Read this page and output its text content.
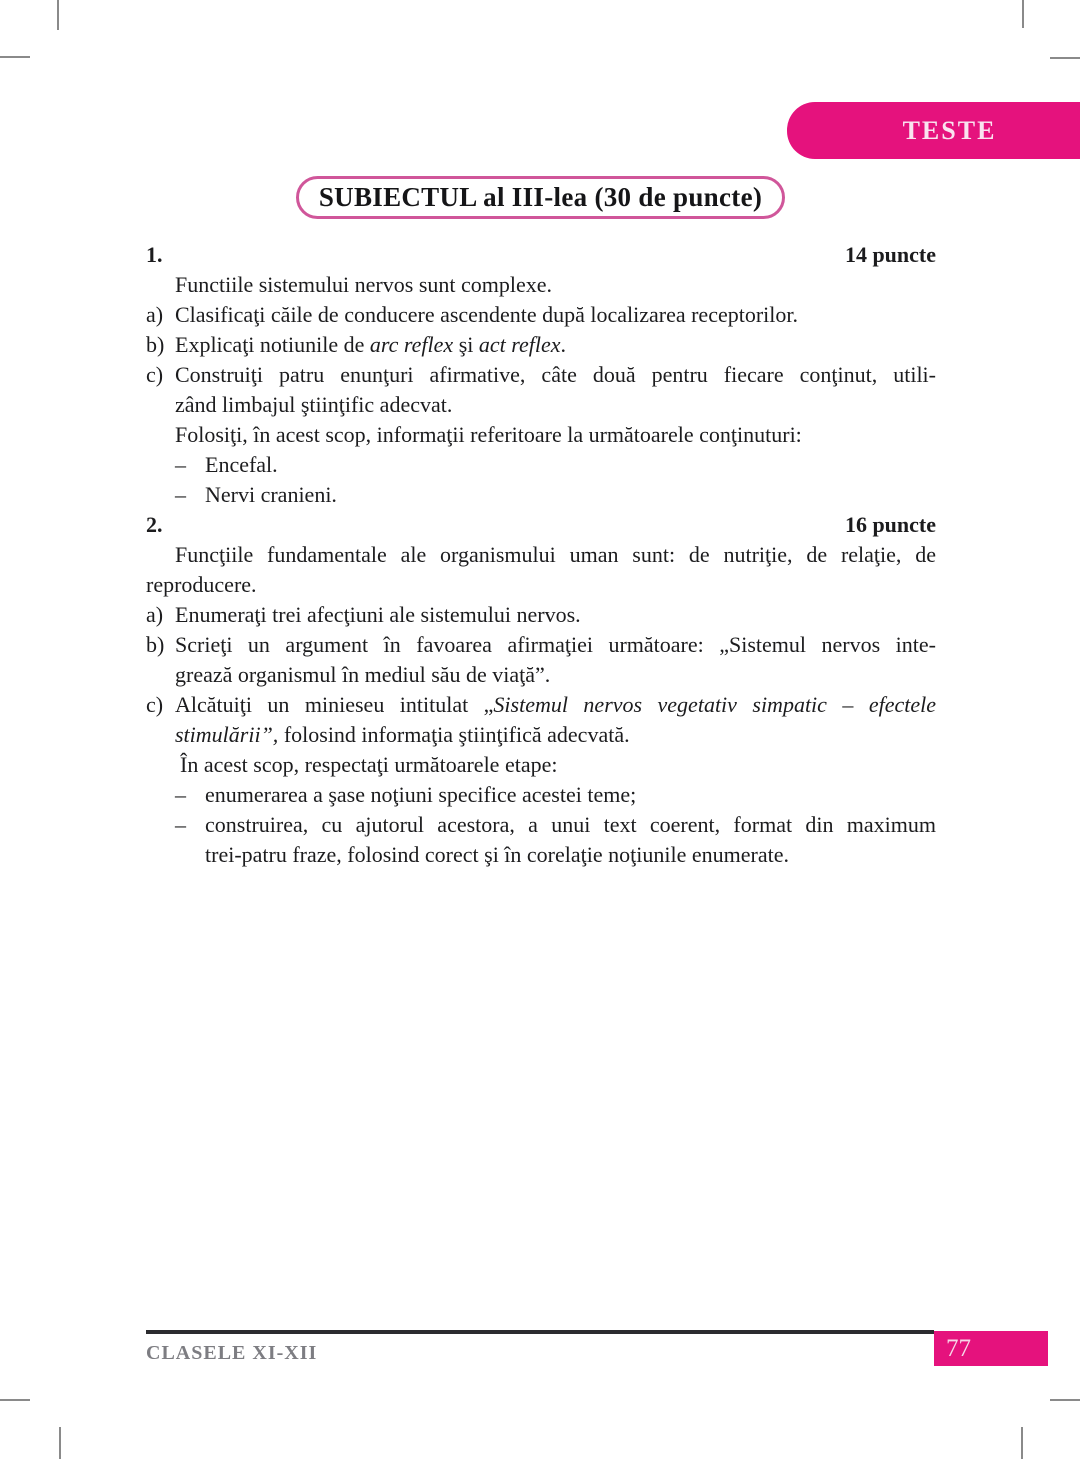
TESTE
SUBIECTUL al III-lea (30 de puncte)
1.	14 puncte
Functiile sistemului nervos sunt complexe.
a) Clasificaţi căile de conducere ascendente după localizarea receptorilor.
b) Explicaţi notiunile de arc reflex şi act reflex.
c) Construiţi patru enunţuri afirmative, câte două pentru fiecare conţinut, utili-
zând limbajul ştiinţific adecvat.
Folosiţi, în acest scop, informaţii referitoare la următoarele conţinuturi:
– Encefal.
– Nervi cranieni.
2.	16 puncte
Funcţiile fundamentale ale organismului uman sunt: de nutriţie, de relaţie, de
reproducere.
a) Enumeraţi trei afecţiuni ale sistemului nervos.
b) Scrieţi un argument în favoarea afirmaţiei următoare: „Sistemul nervos inte-
grează organismul în mediul său de viaţă”.
c) Alcătuiţi un minieseu intitulat „Sistemul nervos vegetativ simpatic – efectele
stimulării”, folosind informaţia ştiinţifică adecvată.
În acest scop, respectaţi următoarele etape:
– enumerarea a şase noţiuni specifice acestei teme;
– construirea, cu ajutorul acestora, a unui text coerent, format din maximum
trei-patru fraze, folosind corect şi în corelaţie noţiunile enumerate.
CLASELE XI-XII	77
